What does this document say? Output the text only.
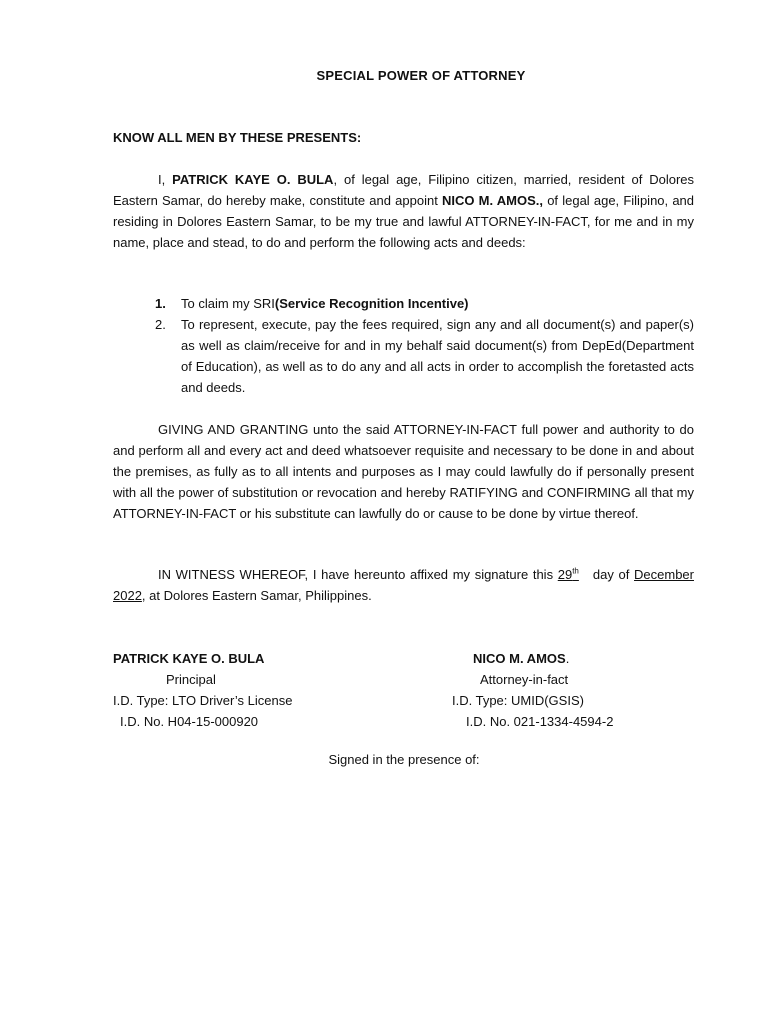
SPECIAL POWER OF ATTORNEY
KNOW ALL MEN BY THESE PRESENTS:

I, PATRICK KAYE O. BULA, of legal age, Filipino citizen, married, resident of Dolores Eastern Samar, do hereby make, constitute and appoint NICO M. AMOS., of legal age, Filipino, and residing in Dolores Eastern Samar, to be my true and lawful ATTORNEY-IN-FACT, for me and in my name, place and stead, to do and perform the following acts and deeds:

1. To claim my SRI(Service Recognition Incentive)
2. To represent, execute, pay the fees required, sign any and all document(s) and paper(s) as well as claim/receive for and in my behalf said document(s) from DepEd(Department of Education), as well as to do any and all acts in order to accomplish the foretasted acts and deeds.

GIVING AND GRANTING unto the said ATTORNEY-IN-FACT full power and authority to do and perform all and every act and deed whatsoever requisite and necessary to be done in and about the premises, as fully as to all intents and purposes as I may could lawfully do if personally present with all the power of substitution or revocation and hereby RATIFYING and CONFIRMING all that my ATTORNEY-IN-FACT or his substitute can lawfully do or cause to be done by virtue thereof.

IN WITNESS WHEREOF, I have hereunto affixed my signature this 29th   day of December 2022, at Dolores Eastern Samar, Philippines.

PATRICK KAYE O. BULA
Principal
I.D. Type: LTO Driver’s License
I.D. No. H04-15-000920
NICO M. AMOS.
Attorney-in-fact
I.D. Type: UMID(GSIS)
I.D. No. 021-1334-4594-2
Signed in the presence of:
